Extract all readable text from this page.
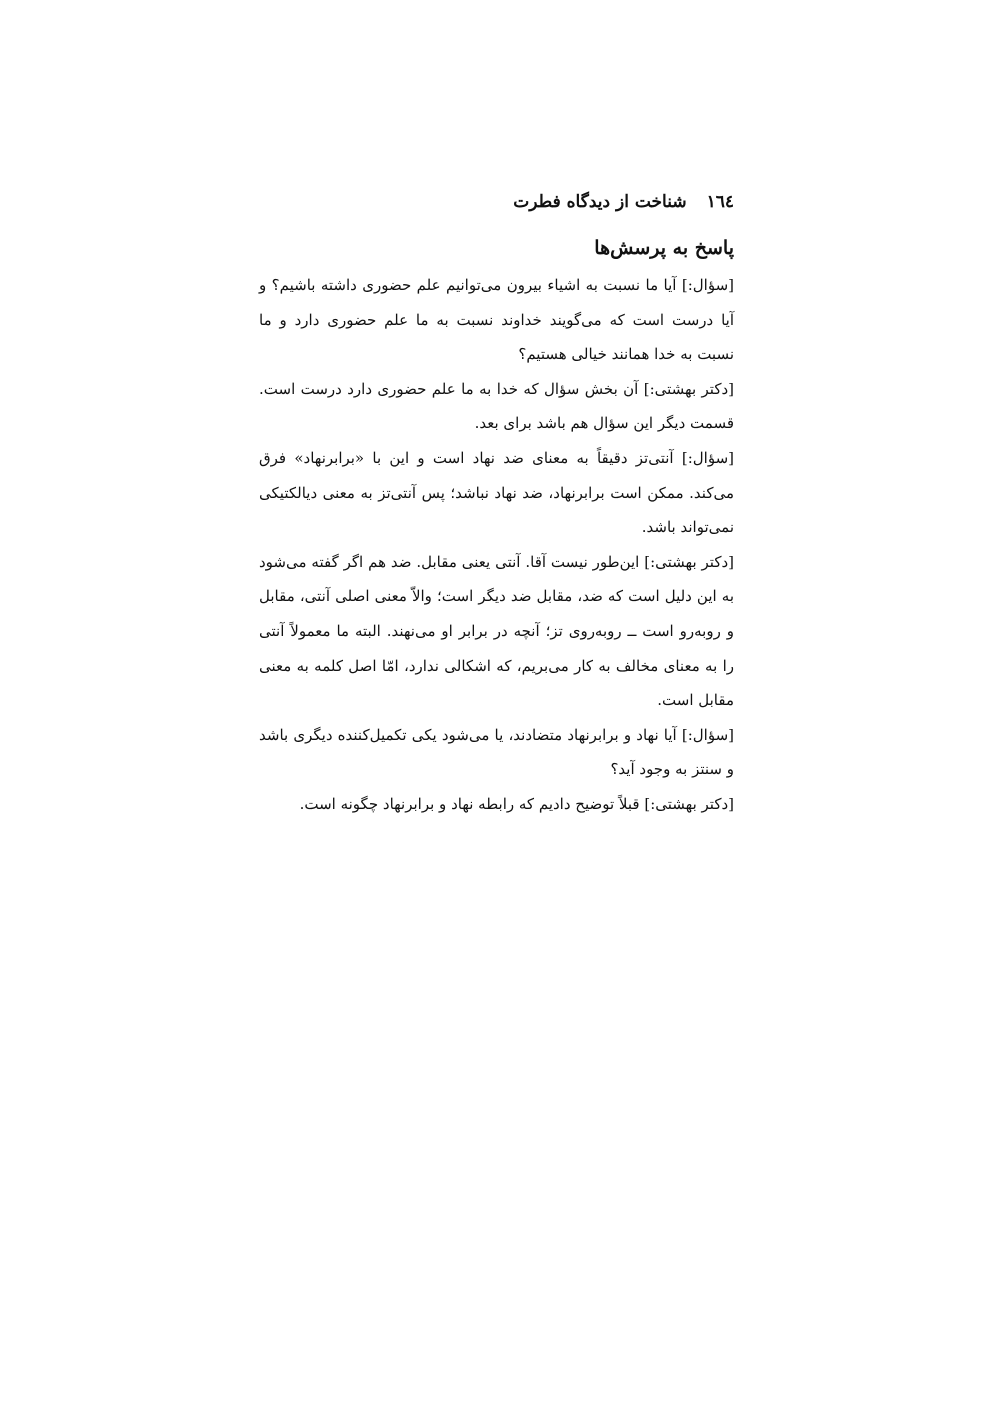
١٦٤شناخت از دیدگاه فطرت
پاسخ به پرسش‌ها

[سؤال:] آیا ما نسبت به اشیاء بیرون می‌توانیم علم حضوری داشته باشیم؟ و آیا درست است که می‌گویند خداوند نسبت به ما علم حضوری دارد و ما نسبت به خدا همانند خیالی هستیم؟

[دکتر بهشتی:] آن بخش سؤال که خدا به ما علم حضوری دارد درست است. قسمت دیگر این سؤال هم باشد برای بعد.

[سؤال:] آنتی‌تز دقیقاً به معنای ضد نهاد است و این با «برابرنهاد» فرق می‌کند. ممکن است برابرنهاد، ضد نهاد نباشد؛ پس آنتی‌تز به معنی دیالکتیکی نمی‌تواند باشد.

[دکتر بهشتی:] این‌طور نیست آقا. آنتی یعنی مقابل. ضد هم اگر گفته می‌شود به این دلیل است که ضد، مقابل ضد دیگر است؛ والاّ معنی اصلی آنتی، مقابل و روبه‌رو است ــ روبه‌روی تز؛ آنچه در برابر او می‌نهند. البته ما معمولاً آنتی را به معنای مخالف به کار می‌بریم، که اشکالی ندارد، امّا اصل کلمه به معنی مقابل است.

[سؤال:] آیا نهاد و برابرنهاد متضادند، یا می‌شود یکی تکمیل‌کننده دیگری باشد و سنتز به وجود آید؟

[دکتر بهشتی:] قبلاً توضیح دادیم که رابطه نهاد و برابرنهاد چگونه است.
